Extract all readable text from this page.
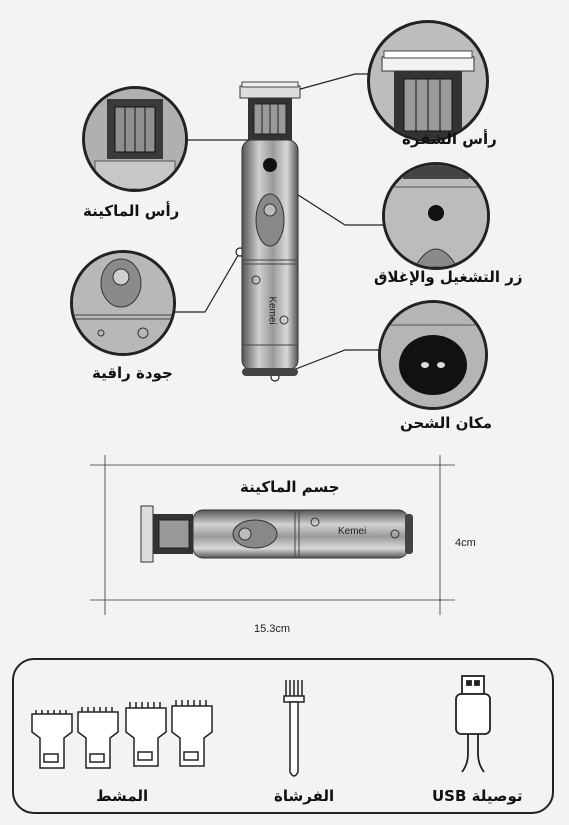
Kemei
رأس الشفرة
رأس الماكينة
زر التشغيل والإغلاق
جودة راقية
مكان الشحن
جسم الماكينة
4cm
15.3cm
Kemei
المشط	الفرشاة	توصيلة USB
